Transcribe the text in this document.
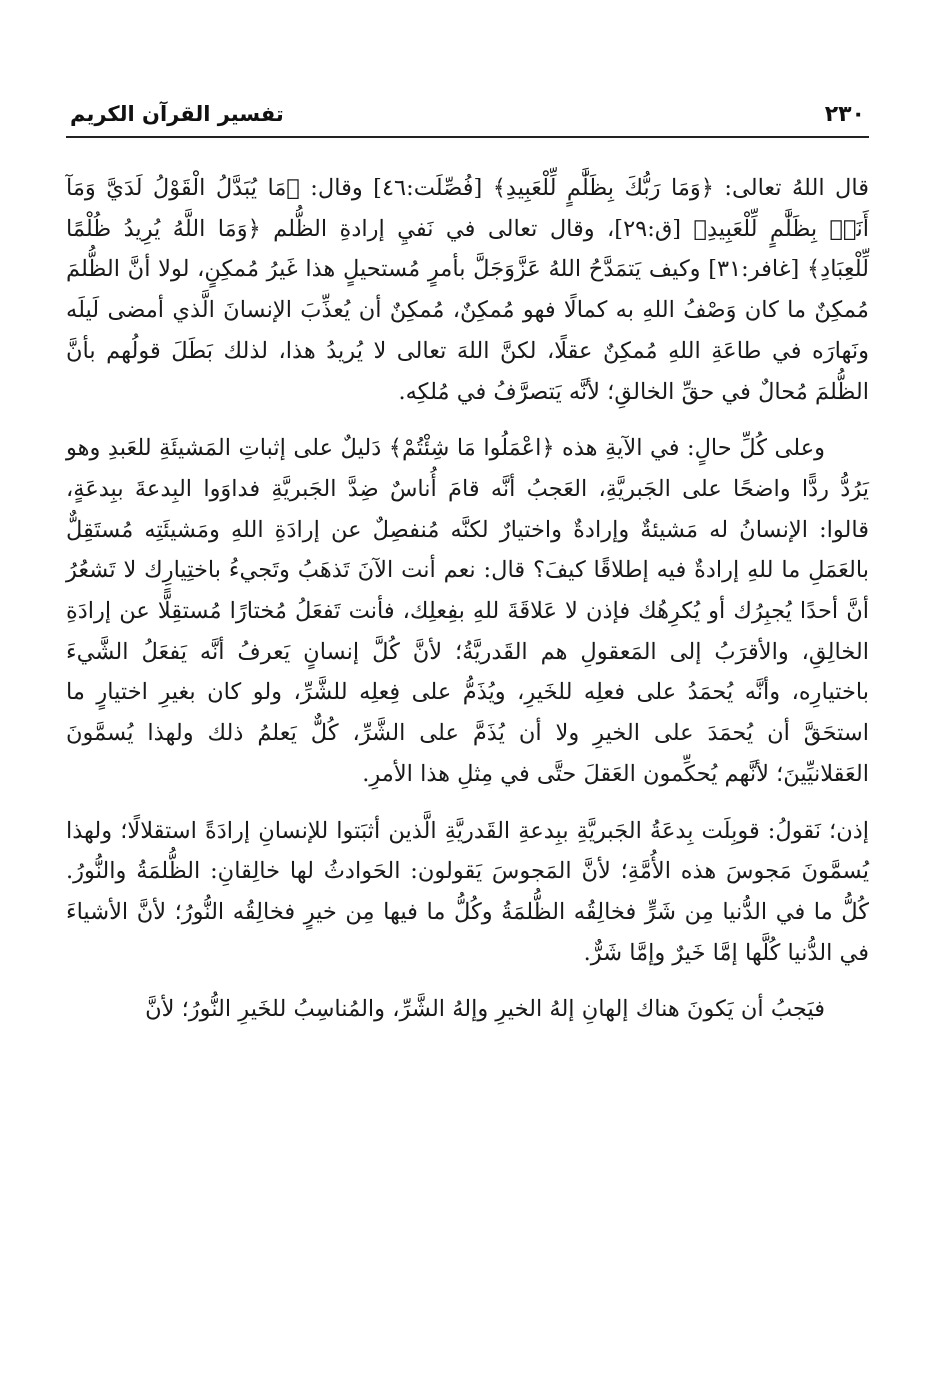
٢٣٠
تفسير القرآن الكريم

قال اللهُ تعالى: ﴿وَمَا رَبُّكَ بِظَلَّٰمٍ لِّلْعَبِيدِ﴾ [فُصِّلَت:٤٦] وقال: ﴿مَا يُبَدَّلُ الْقَوْلُ لَدَيَّ وَمَآ أَنَا۠ بِظَلَّٰمٍ لِّلْعَبِيدِ﴾ [ق:٢٩]، وقال تعالى في نَفيِ إرادةِ الظُّلم ﴿وَمَا اللَّهُ يُرِيدُ ظُلْمًا لِّلْعِبَادِ﴾ [غافر:٣١] وكيف يَتمَدَّحُ اللهُ عَزَّوَجَلَّ بأمرٍ مُستحيلٍ هذا غَيرُ مُمكِنٍ، لولا أنَّ الظُّلمَ مُمكِنٌ ما كان وَصْفُ اللهِ به كمالًا فهو مُمكِنٌ، مُمكِنٌ أن يُعذِّبَ الإنسانَ الَّذي أمضى لَيلَه ونَهارَه في طاعَةِ اللهِ مُمكِنٌ عقلًا، لكنَّ اللهَ تعالى لا يُريدُ هذا، لذلك بَطَلَ قولُهم بأنَّ الظُّلمَ مُحالٌ في حقِّ الخالقِ؛ لأنَّه يَتصرَّفُ في مُلكِه.

وعلى كُلِّ حالٍ: في الآيةِ هذه ﴿اعْمَلُوا مَا شِئْتُمْ﴾ دَليلٌ على إثباتِ المَشيئَةِ للعَبدِ وهو يَرُدُّ ردًّا واضحًا على الجَبريَّةِ، العَجبُ أنَّه قامَ أُناسٌ ضِدَّ الجَبريَّةِ فداوَوا البِدعةَ ببِدعَةٍ، قالوا: الإنسانُ له مَشيئةٌ وإرادةٌ واختيارٌ لكنَّه مُنفصِلٌ عن إرادَةِ اللهِ ومَشيئَتِه مُستَقِلٌّ بالعَمَلِ ما للهِ إرادةٌ فيه إطلاقًا كيفَ؟ قال: نعم أنت الآنَ تَذهَبُ وتَجيءُ باختِيارِك لا تَشعُرُ أنَّ أحدًا يُجبِرُك أو يُكرِهُك فإذن لا عَلاقَةَ للهِ بفِعلِك، فأنت تَفعَلُ مُختارًا مُستقِلًّا عن إرادَةِ الخالِقِ، والأقرَبُ إلى المَعقولِ هم القَدريَّةُ؛ لأنَّ كُلَّ إنسانٍ يَعرفُ أنَّه يَفعَلُ الشَّيءَ باختيارِه، وأنَّه يُحمَدُ على فعلِه للخَيرِ، ويُذَمُّ على فِعلِه للشَّرِّ، ولو كان بغيرِ اختيارٍ ما استحَقَّ أن يُحمَدَ على الخيرِ ولا أن يُذَمَّ على الشَّرِّ، كُلٌّ يَعلمُ ذلك ولهذا يُسمَّونَ العَقلانيِّينَ؛ لأنَّهم يُحكِّمون العَقلَ حتَّى في مِثلِ هذا الأمرِ.

إذن؛ نَقولُ: قوبِلَت بِدعَةُ الجَبريَّةِ ببِدعةِ القَدريَّةِ الَّذين أثبَتوا للإنسانِ إرادَةً استقلالًا؛ ولهذا يُسمَّونَ مَجوسَ هذه الأُمَّةِ؛ لأنَّ المَجوسَ يَقولون: الحَوادثُ لها خالِقانِ: الظُّلمَةُ والنُّورُ. كُلُّ ما في الدُّنيا مِن شَرٍّ فخالِقُه الظُّلمَةُ وكُلُّ ما فيها مِن خيرٍ فخالِقُه النُّورُ؛ لأنَّ الأشياءَ في الدُّنيا كُلَّها إمَّا خَيرٌ وإمَّا شَرٌّ.

فيَجبُ أن يَكونَ هناك إلهانِ إلهُ الخيرِ وإلهُ الشَّرِّ، والمُناسِبُ للخَيرِ النُّورُ؛ لأنَّ
